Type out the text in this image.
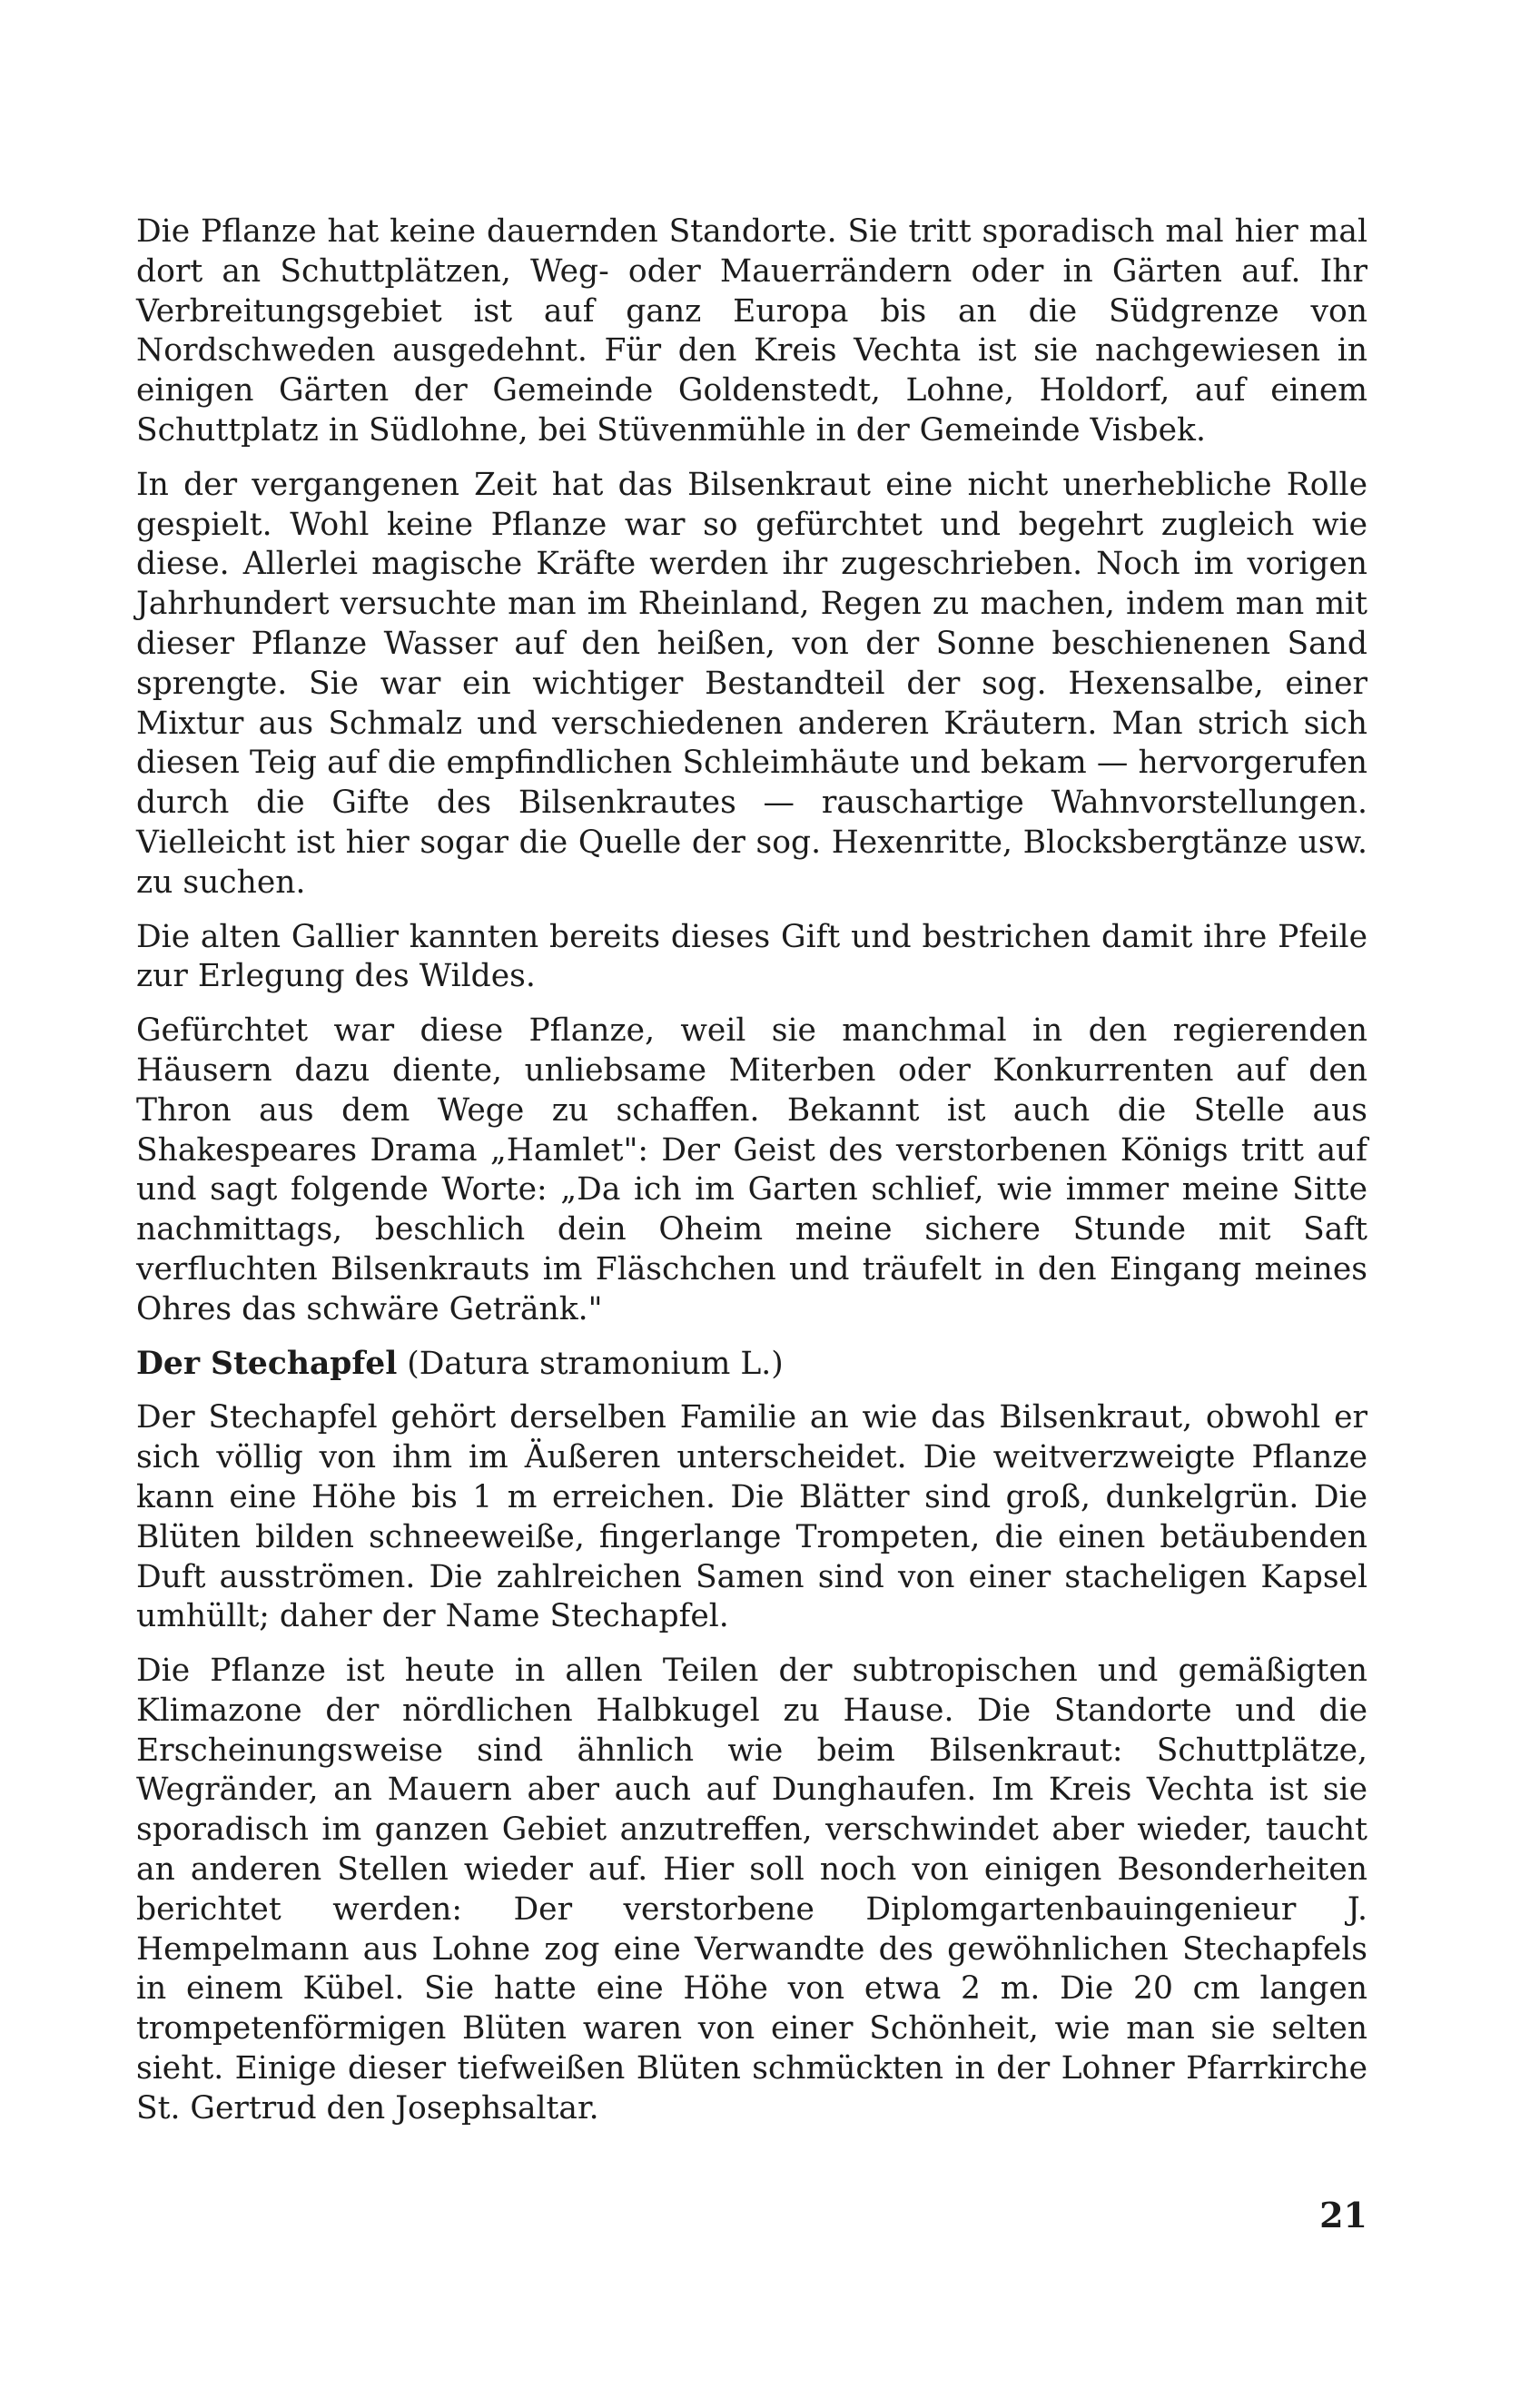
Die Pflanze hat keine dauernden Standorte. Sie tritt sporadisch mal hier mal dort an Schuttplätzen, Weg- oder Mauerrändern oder in Gärten auf. Ihr Verbreitungsgebiet ist auf ganz Europa bis an die Südgrenze von Nordschweden ausgedehnt. Für den Kreis Vechta ist sie nachgewiesen in einigen Gärten der Gemeinde Goldenstedt, Lohne, Holdorf, auf einem Schuttplatz in Südlohne, bei Stüvenmühle in der Gemeinde Visbek.

In der vergangenen Zeit hat das Bilsenkraut eine nicht unerhebliche Rolle gespielt. Wohl keine Pflanze war so gefürchtet und begehrt zugleich wie diese. Allerlei magische Kräfte werden ihr zugeschrieben. Noch im vorigen Jahrhundert versuchte man im Rheinland, Regen zu machen, indem man mit dieser Pflanze Wasser auf den heißen, von der Sonne beschienenen Sand sprengte. Sie war ein wichtiger Bestandteil der sog. Hexensalbe, einer Mixtur aus Schmalz und verschiedenen anderen Kräutern. Man strich sich diesen Teig auf die empfindlichen Schleimhäute und bekam — hervorgerufen durch die Gifte des Bilsenkrautes — rauschartige Wahnvorstellungen. Vielleicht ist hier sogar die Quelle der sog. Hexenritte, Blocksbergtänze usw. zu suchen.

Die alten Gallier kannten bereits dieses Gift und bestrichen damit ihre Pfeile zur Erlegung des Wildes.

Gefürchtet war diese Pflanze, weil sie manchmal in den regierenden Häusern dazu diente, unliebsame Miterben oder Konkurrenten auf den Thron aus dem Wege zu schaffen. Bekannt ist auch die Stelle aus Shakespeares Drama „Hamlet": Der Geist des verstorbenen Königs tritt auf und sagt folgende Worte: „Da ich im Garten schlief, wie immer meine Sitte nachmittags, beschlich dein Oheim meine sichere Stunde mit Saft verfluchten Bilsenkrauts im Fläschchen und träufelt in den Eingang meines Ohres das schwäre Getränk."

Der Stechapfel (Datura stramonium L.)

Der Stechapfel gehört derselben Familie an wie das Bilsenkraut, obwohl er sich völlig von ihm im Äußeren unterscheidet. Die weitverzweigte Pflanze kann eine Höhe bis 1 m erreichen. Die Blätter sind groß, dunkelgrün. Die Blüten bilden schneeweiße, fingerlange Trompeten, die einen betäubenden Duft ausströmen. Die zahlreichen Samen sind von einer stacheligen Kapsel umhüllt; daher der Name Stechapfel.

Die Pflanze ist heute in allen Teilen der subtropischen und gemäßigten Klimazone der nördlichen Halbkugel zu Hause. Die Standorte und die Erscheinungsweise sind ähnlich wie beim Bilsenkraut: Schuttplätze, Wegränder, an Mauern aber auch auf Dunghaufen. Im Kreis Vechta ist sie sporadisch im ganzen Gebiet anzutreffen, verschwindet aber wieder, taucht an anderen Stellen wieder auf. Hier soll noch von einigen Besonderheiten berichtet werden: Der verstorbene Diplomgartenbauingenieur J. Hempelmann aus Lohne zog eine Verwandte des gewöhnlichen Stechapfels in einem Kübel. Sie hatte eine Höhe von etwa 2 m. Die 20 cm langen trompetenförmigen Blüten waren von einer Schönheit, wie man sie selten sieht. Einige dieser tiefweißen Blüten schmückten in der Lohner Pfarrkirche St. Gertrud den Josephsaltar.

21
